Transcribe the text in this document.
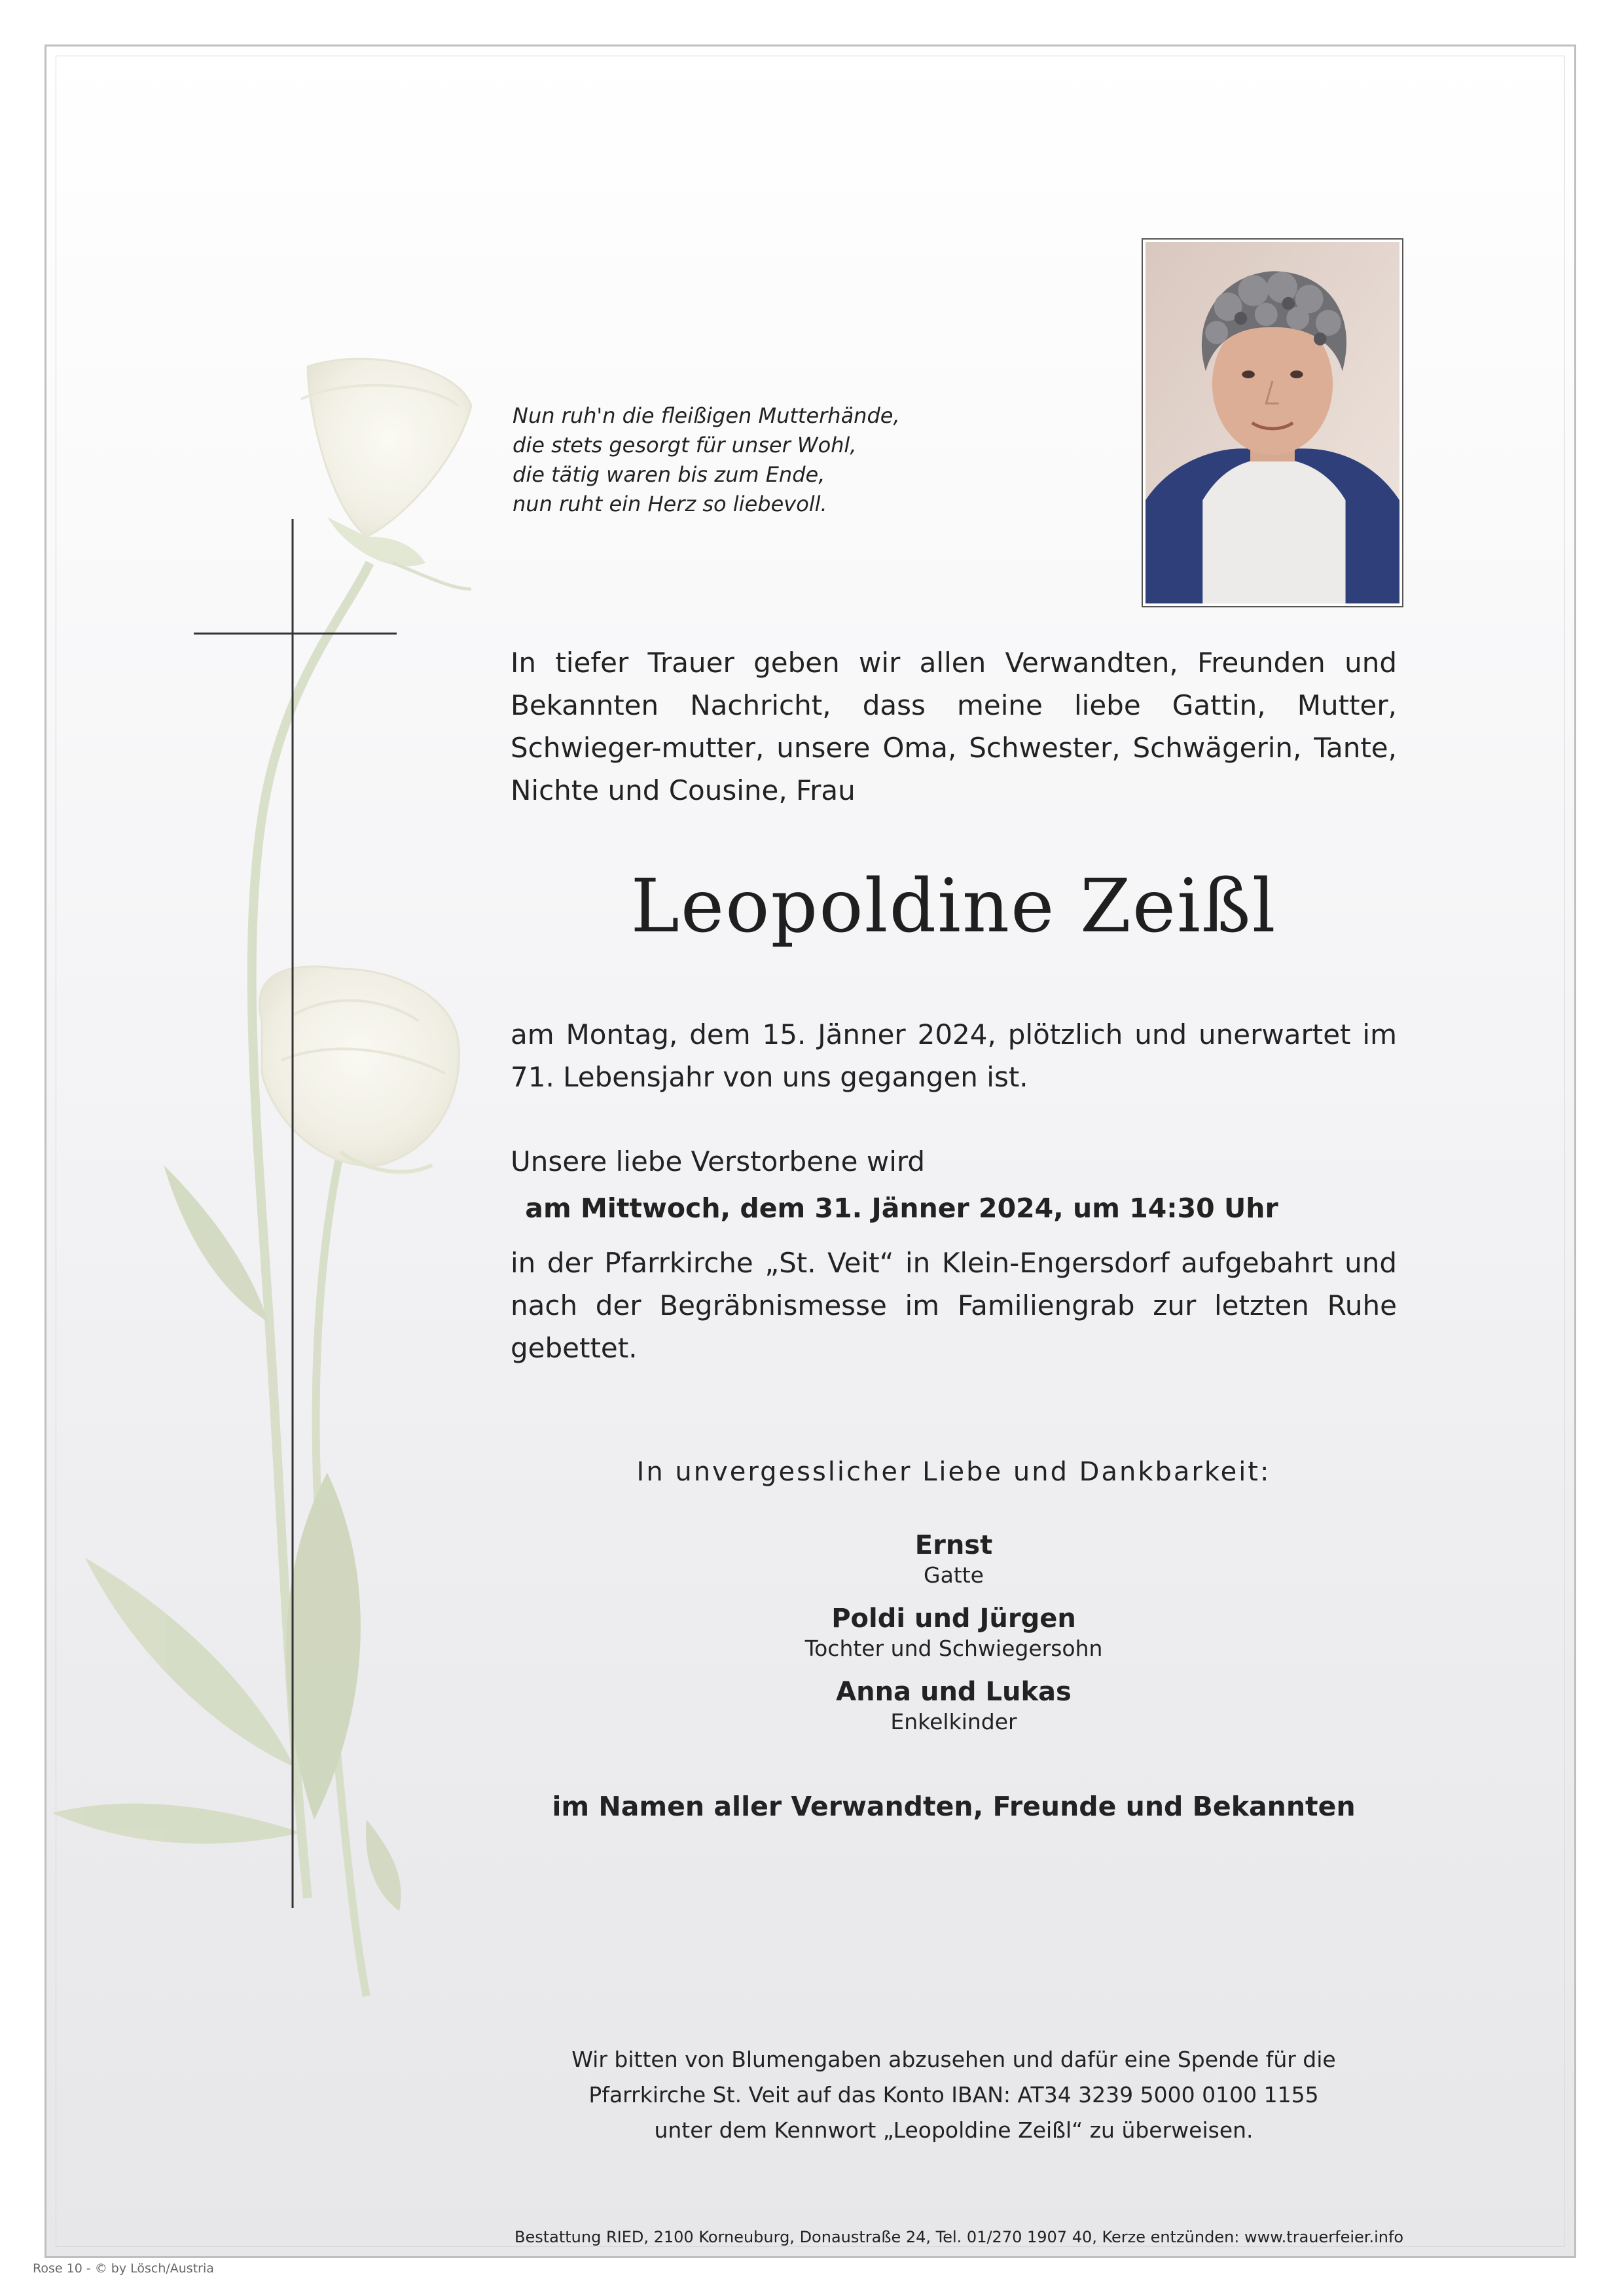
Nun ruh'n die fleißigen Mutterhände,
die stets gesorgt für unser Wohl,
die tätig waren bis zum Ende,
nun ruht ein Herz so liebevoll.
In tiefer Trauer geben wir allen Verwandten, Freunden und Bekannten Nachricht, dass meine liebe Gattin, Mutter, Schwieger-mutter, unsere Oma, Schwester, Schwägerin, Tante, Nichte und Cousine, Frau
Leopoldine Zeißl
am Montag, dem 15. Jänner 2024, plötzlich und unerwartet im 71. Lebensjahr von uns gegangen ist.
Unsere liebe Verstorbene wird
am Mittwoch, dem 31. Jänner 2024, um 14:30 Uhr
in der Pfarrkirche „St. Veit“ in Klein-Engersdorf aufgebahrt und nach der Begräbnismesse im Familiengrab zur letzten Ruhe gebettet.
In unvergesslicher Liebe und Dankbarkeit:
Ernst
Gatte
Poldi und Jürgen
Tochter und Schwiegersohn
Anna und Lukas
Enkelkinder
im Namen aller Verwandten, Freunde und Bekannten
Wir bitten von Blumengaben abzusehen und dafür eine Spende für die
Pfarrkirche St. Veit auf das Konto IBAN: AT34 3239 5000 0100 1155
unter dem Kennwort „Leopoldine Zeißl“ zu überweisen.
Bestattung RIED, 2100 Korneuburg, Donaustraße 24, Tel. 01/270 1907 40, Kerze entzünden: www.trauerfeier.info
Rose 10 - © by Lösch/Austria
